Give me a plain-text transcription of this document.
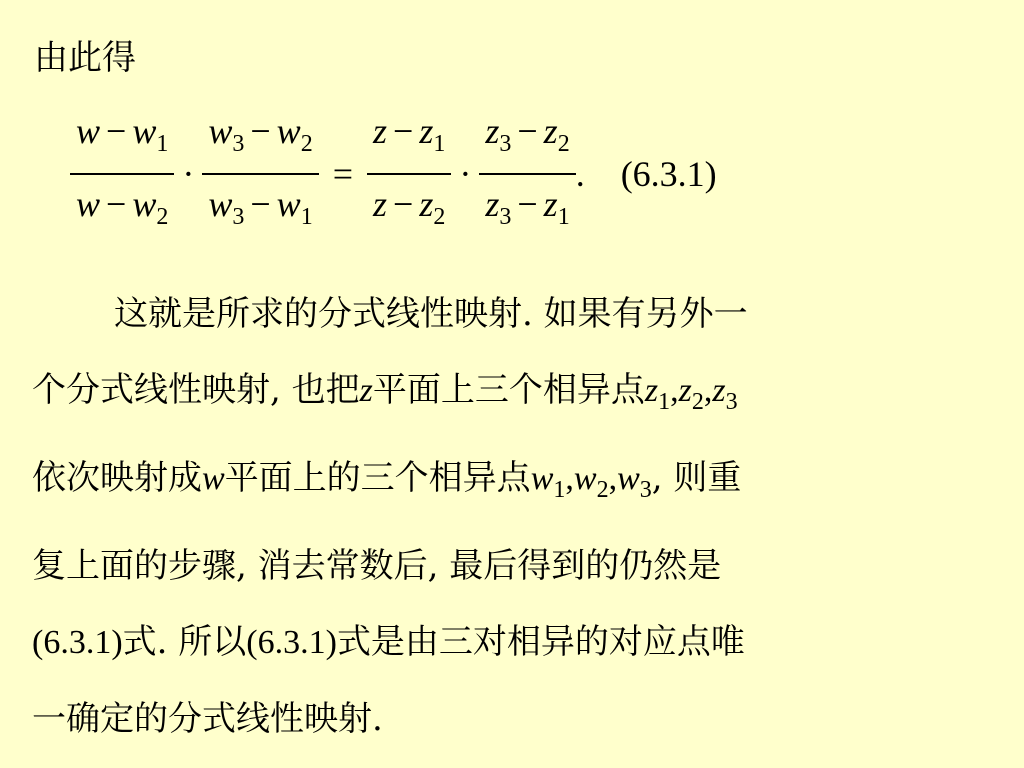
由此得
$\frac{w - w_1}{w - w_2} \cdot \frac{w_3 - w_2}{w_3 - w_1} = \frac{z - z_1}{z - z_2} \cdot \frac{z_3 - z_2}{z_3 - z_1}$ . (6.3.1)

这就是所求的分式线性映射. 如果有另外一

个分式线性映射, 也把z平面上三个相异点$z_1,z_2,z_3$

依次映射成w平面上的三个相异点$w_1,w_2,w_3$, 则重

复上面的步骤, 消去常数后, 最后得到的仍然是

(6.3.1)式. 所以(6.3.1)式是由三对相异的对应点唯

一确定的分式线性映射.
